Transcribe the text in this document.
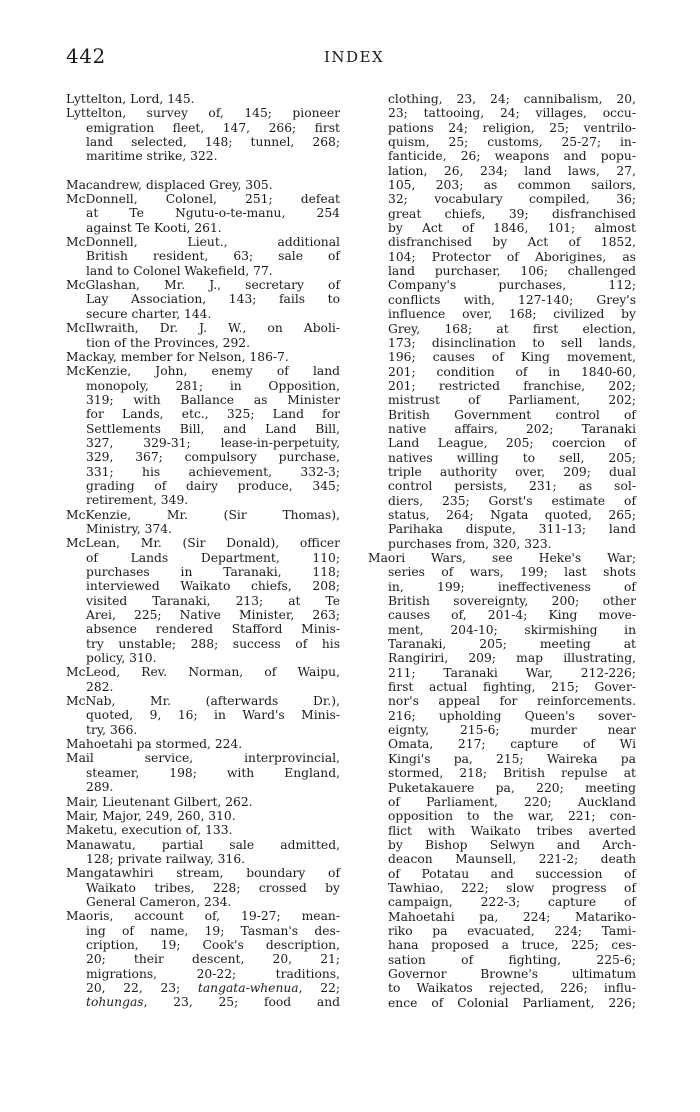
442	INDEX
Lyttelton, Lord, 145.
Lyttelton, survey of, 145; pioneer
emigration fleet, 147, 266; first
land selected, 148; tunnel, 268;
maritime strike, 322.
Macandrew, displaced Grey, 305.
McDonnell, Colonel, 251; defeat
at Te Ngutu-o-te-manu, 254
against Te Kooti, 261.
McDonnell, Lieut., additional
British resident, 63; sale of
land to Colonel Wakefield, 77.
McGlashan, Mr. J., secretary of
Lay Association, 143; fails to
secure charter, 144.
McIlwraith, Dr. J. W., on Aboli-
tion of the Provinces, 292.
Mackay, member for Nelson, 186-7.
McKenzie, John, enemy of land
monopoly, 281; in Opposition,
319; with Ballance as Minister
for Lands, etc., 325; Land for
Settlements Bill, and Land Bill,
327, 329-31; lease-in-perpetuity,
329, 367; compulsory purchase,
331; his achievement, 332-3;
grading of dairy produce, 345;
retirement, 349.
McKenzie, Mr. (Sir Thomas),
Ministry, 374.
McLean, Mr. (Sir Donald), officer
of Lands Department, 110;
purchases in Taranaki, 118;
interviewed Waikato chiefs, 208;
visited Taranaki, 213; at Te
Arei, 225; Native Minister, 263;
absence rendered Stafford Minis-
try unstable; 288; success of his
policy, 310.
McLeod, Rev. Norman, of Waipu,
282.
McNab, Mr. (afterwards Dr.),
quoted, 9, 16; in Ward's Minis-
try, 366.
Mahoetahi pa stormed, 224.
Mail service, interprovincial,
steamer, 198; with England,
289.
Mair, Lieutenant Gilbert, 262.
Mair, Major, 249, 260, 310.
Maketu, execution of, 133.
Manawatu, partial sale admitted,
128; private railway, 316.
Mangatawhiri stream, boundary of
Waikato tribes, 228; crossed by
General Cameron, 234.
Maoris, account of, 19-27; mean-
ing of name, 19; Tasman's des-
cription, 19; Cook's description,
20; their descent, 20, 21;
migrations, 20-22; traditions,
20, 22, 23; tangata-whenua, 22;
tohungas, 23, 25; food and
clothing, 23, 24; cannibalism, 20,
23; tattooing, 24; villages, occu-
pations 24; religion, 25; ventrilo-
quism, 25; customs, 25-27; in-
fanticide, 26; weapons and popu-
lation, 26, 234; land laws, 27,
105, 203; as common sailors,
32; vocabulary compiled, 36;
great chiefs, 39; disfranchised
by Act of 1846, 101; almost
disfranchised by Act of 1852,
104; Protector of Aborigines, as
land purchaser, 106; challenged
Company's purchases, 112;
conflicts with, 127-140; Grey's
influence over, 168; civilized by
Grey, 168; at first election,
173; disinclination to sell lands,
196; causes of King movement,
201; condition of in 1840-60,
201; restricted franchise, 202;
mistrust of Parliament, 202;
British Government control of
native affairs, 202; Taranaki
Land League, 205; coercion of
natives willing to sell, 205;
triple authority over, 209; dual
control persists, 231; as sol-
diers, 235; Gorst's estimate of
status, 264; Ngata quoted, 265;
Parihaka dispute, 311-13; land
purchases from, 320, 323.
Maori Wars, see Heke's War;
series of wars, 199; last shots
in, 199; ineffectiveness of
British sovereignty, 200; other
causes of, 201-4; King move-
ment, 204-10; skirmishing in
Taranaki, 205; meeting at
Rangiriri, 209; map illustrating,
211; Taranaki War, 212-226;
first actual fighting, 215; Gover-
nor's appeal for reinforcements.
216; upholding Queen's sover-
eignty, 215-6; murder near
Omata, 217; capture of Wi
Kingi's pa, 215; Waireka pa
stormed, 218; British repulse at
Puketakauere pa, 220; meeting
of Parliament, 220; Auckland
opposition to the war, 221; con-
flict with Waikato tribes averted
by Bishop Selwyn and Arch-
deacon Maunsell, 221-2; death
of Potatau and succession of
Tawhiao, 222; slow progress of
campaign, 222-3; capture of
Mahoetahi pa, 224; Matariko-
riko pa evacuated, 224; Tami-
hana proposed a truce, 225; ces-
sation of fighting, 225-6;
Governor Browne's ultimatum
to Waikatos rejected, 226; influ-
ence of Colonial Parliament, 226;
